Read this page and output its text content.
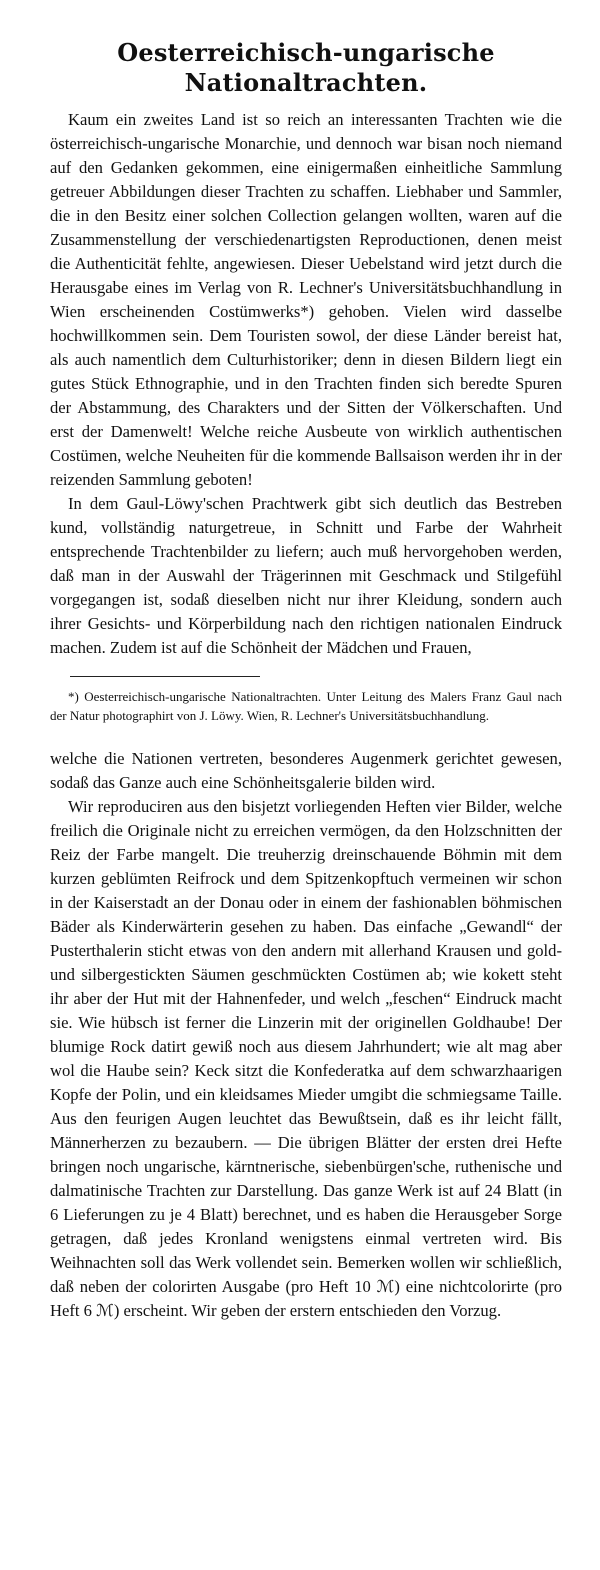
Oesterreichisch-ungarische Nationaltrachten.

Kaum ein zweites Land ist so reich an interessanten Trachten wie die österreichisch-ungarische Monarchie, und dennoch war bisan noch niemand auf den Gedanken gekommen, eine einigermaßen einheitliche Sammlung getreuer Abbildungen dieser Trachten zu schaffen. Liebhaber und Sammler, die in den Besitz einer solchen Collection gelangen wollten, waren auf die Zusammenstellung der verschiedenartigsten Reproductionen, denen meist die Authenticität fehlte, angewiesen. Dieser Uebelstand wird jetzt durch die Herausgabe eines im Verlag von R. Lechner's Universitätsbuchhandlung in Wien erscheinenden Costümwerks*) gehoben. Vielen wird dasselbe hochwillkommen sein. Dem Touristen sowol, der diese Länder bereist hat, als auch namentlich dem Culturhistoriker; denn in diesen Bildern liegt ein gutes Stück Ethnographie, und in den Trachten finden sich beredte Spuren der Abstammung, des Charakters und der Sitten der Völkerschaften. Und erst der Damenwelt! Welche reiche Ausbeute von wirklich authentischen Costümen, welche Neuheiten für die kommende Ballsaison werden ihr in der reizenden Sammlung geboten!

In dem Gaul-Löwy'schen Prachtwerk gibt sich deutlich das Bestreben kund, vollständig naturgetreue, in Schnitt und Farbe der Wahrheit entsprechende Trachtenbilder zu liefern; auch muß hervorgehoben werden, daß man in der Auswahl der Trägerinnen mit Geschmack und Stilgefühl vorgegangen ist, sodaß dieselben nicht nur ihrer Kleidung, sondern auch ihrer Gesichts- und Körperbildung nach den richtigen nationalen Eindruck machen. Zudem ist auf die Schönheit der Mädchen und Frauen,

*) Oesterreichisch-ungarische Nationaltrachten. Unter Leitung des Malers Franz Gaul nach der Natur photographirt von J. Löwy. Wien, R. Lechner's Universitätsbuchhandlung.

welche die Nationen vertreten, besonderes Augenmerk gerichtet gewesen, sodaß das Ganze auch eine Schönheitsgalerie bilden wird.

Wir reproduciren aus den bisjetzt vorliegenden Heften vier Bilder, welche freilich die Originale nicht zu erreichen vermögen, da den Holzschnitten der Reiz der Farbe mangelt. Die treuherzig dreinschauende Böhmin mit dem kurzen geblümten Reifrock und dem Spitzenkopftuch vermeinen wir schon in der Kaiserstadt an der Donau oder in einem der fashionablen böhmischen Bäder als Kinderwärterin gesehen zu haben. Das einfache „Gewandl“ der Pusterthalerin sticht etwas von den andern mit allerhand Krausen und gold- und silbergestickten Säumen geschmückten Costümen ab; wie kokett steht ihr aber der Hut mit der Hahnenfeder, und welch „feschen“ Eindruck macht sie. Wie hübsch ist ferner die Linzerin mit der originellen Goldhaube! Der blumige Rock datirt gewiß noch aus diesem Jahrhundert; wie alt mag aber wol die Haube sein? Keck sitzt die Konfederatka auf dem schwarzhaarigen Kopfe der Polin, und ein kleidsames Mieder umgibt die schmiegsame Taille. Aus den feurigen Augen leuchtet das Bewußtsein, daß es ihr leicht fällt, Männerherzen zu bezaubern. — Die übrigen Blätter der ersten drei Hefte bringen noch ungarische, kärntnerische, siebenbürgen'sche, ruthenische und dalmatinische Trachten zur Darstellung. Das ganze Werk ist auf 24 Blatt (in 6 Lieferungen zu je 4 Blatt) berechnet, und es haben die Herausgeber Sorge getragen, daß jedes Kronland wenigstens einmal vertreten wird. Bis Weihnachten soll das Werk vollendet sein. Bemerken wollen wir schließlich, daß neben der colorirten Ausgabe (pro Heft 10 ℳ) eine nichtcolorirte (pro Heft 6 ℳ) erscheint. Wir geben der erstern entschieden den Vorzug.
